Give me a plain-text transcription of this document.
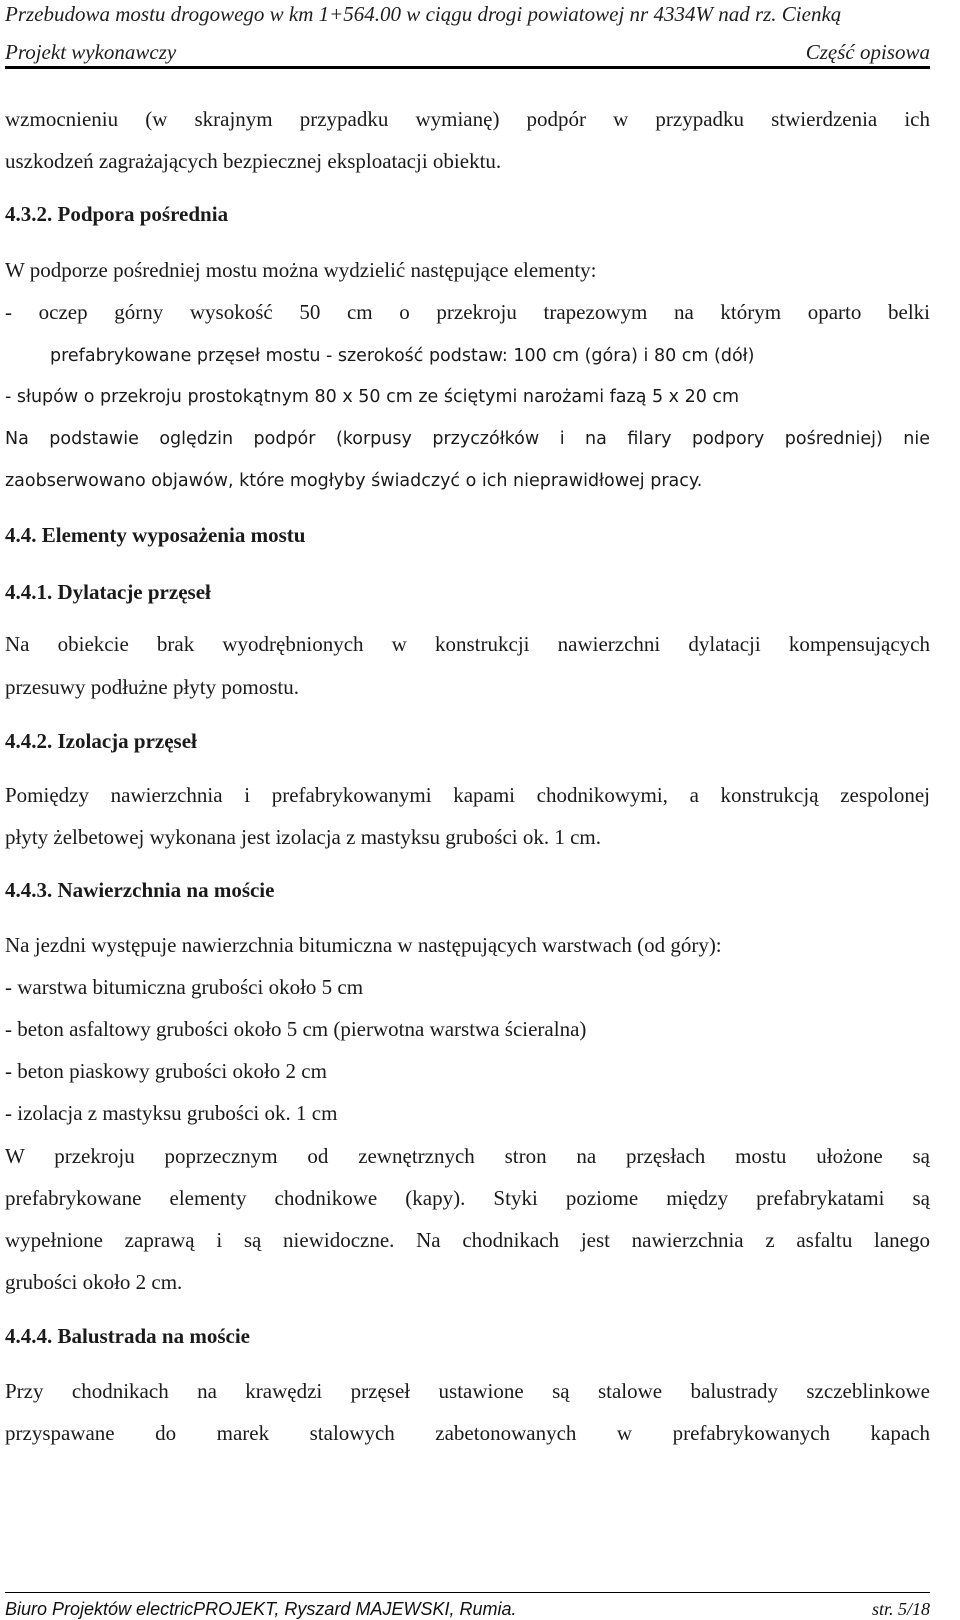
Przebudowa mostu drogowego w km 1+564.00 w ciągu drogi powiatowej nr 4334W nad rz. Cienką
Projekt wykonawczy	Część opisowa
wzmocnieniu (w skrajnym przypadku wymianę) podpór w przypadku stwierdzenia ich
uszkodzeń zagrażających bezpiecznej eksploatacji obiektu.
4.3.2. Podpora pośrednia
W podporze pośredniej mostu można wydzielić następujące elementy:
- oczep górny wysokość 50 cm o przekroju trapezowym na którym oparto belki
prefabrykowane przęseł mostu - szerokość podstaw: 100 cm (góra) i 80 cm (dół)
- słupów o przekroju prostokątnym 80 x 50 cm ze ściętymi narożami fazą 5 x 20 cm
Na podstawie oględzin podpór (korpusy przyczółków i na filary podpory pośredniej) nie
zaobserwowano objawów, które mogłyby świadczyć o ich nieprawidłowej pracy.
4.4. Elementy wyposażenia mostu
4.4.1. Dylatacje przęseł
Na obiekcie brak wyodrębnionych w konstrukcji nawierzchni dylatacji kompensujących
przesuwy podłużne płyty pomostu.
4.4.2. Izolacja przęseł
Pomiędzy nawierzchnia i prefabrykowanymi kapami chodnikowymi, a konstrukcją zespolonej
płyty żelbetowej wykonana jest izolacja z mastyksu grubości ok. 1 cm.
4.4.3. Nawierzchnia na moście
Na jezdni występuje nawierzchnia bitumiczna w następujących warstwach (od góry):
- warstwa bitumiczna grubości około 5 cm
- beton asfaltowy grubości około 5 cm (pierwotna warstwa ścieralna)
- beton piaskowy grubości około 2 cm
- izolacja z mastyksu grubości ok. 1 cm
W przekroju poprzecznym od zewnętrznych stron na przęsłach mostu ułożone są
prefabrykowane elementy chodnikowe (kapy). Styki poziome między prefabrykatami są
wypełnione zaprawą i są niewidoczne. Na chodnikach jest nawierzchnia z asfaltu lanego
grubości około 2 cm.
4.4.4. Balustrada na moście
Przy chodnikach na krawędzi przęseł ustawione są stalowe balustrady szczeblinkowe
przyspawane do marek stalowych zabetonowanych w prefabrykowanych kapach
Biuro Projektów electricPROJEKT, Ryszard MAJEWSKI, Rumia.	str. 5/18
